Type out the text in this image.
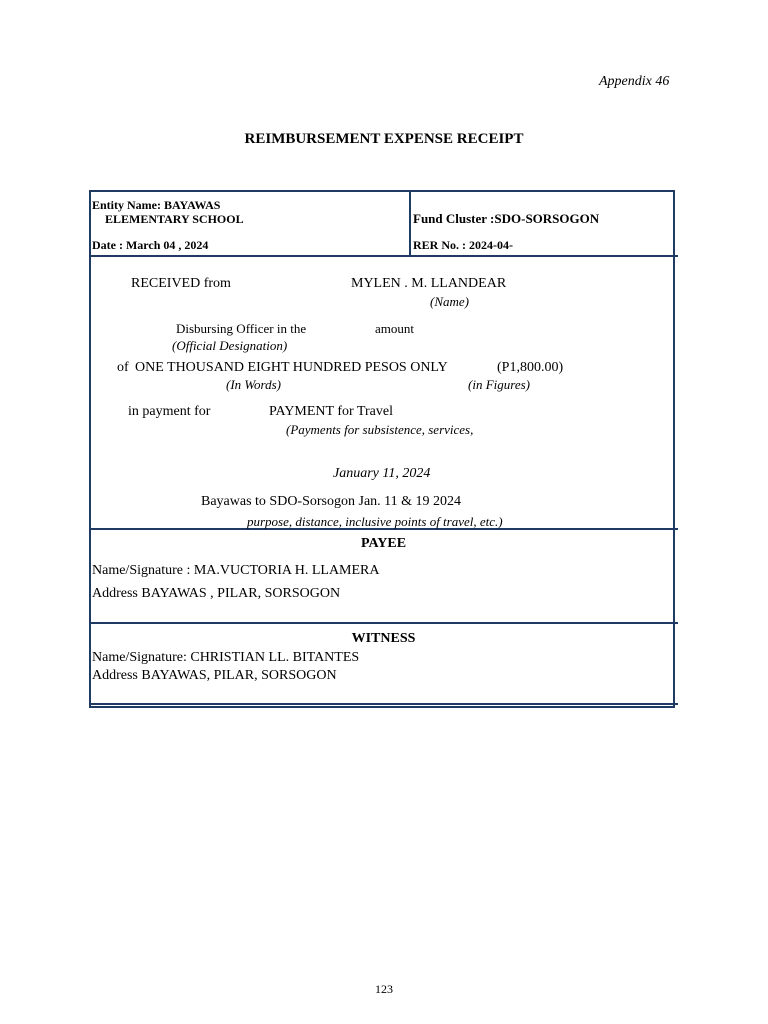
Appendix 46
REIMBURSEMENT EXPENSE RECEIPT
Entity Name: BAYAWAS
ELEMENTARY SCHOOL	Fund Cluster :SDO-SORSOGON
Date : March 04 , 2024	RER No. : 2024-04-
RECEIVED from	MYLEN . M. LLANDEAR
(Name)
Disbursing Officer in the	amount
(Official Designation)
of ONE THOUSAND EIGHT HUNDRED PESOS ONLY	(P1,800.00)
(In Words)	(in Figures)
in payment for	PAYMENT for Travel
(Payments for subsistence, services,
January 11, 2024
Bayawas to SDO-Sorsogon Jan. 11 & 19 2024
purpose, distance, inclusive points of travel, etc.)
PAYEE
Name/Signature : MA.VUCTORIA H. LLAMERA
Address BAYAWAS , PILAR, SORSOGON
WITNESS
Name/Signature: CHRISTIAN LL. BITANTES
Address BAYAWAS, PILAR, SORSOGON
123
